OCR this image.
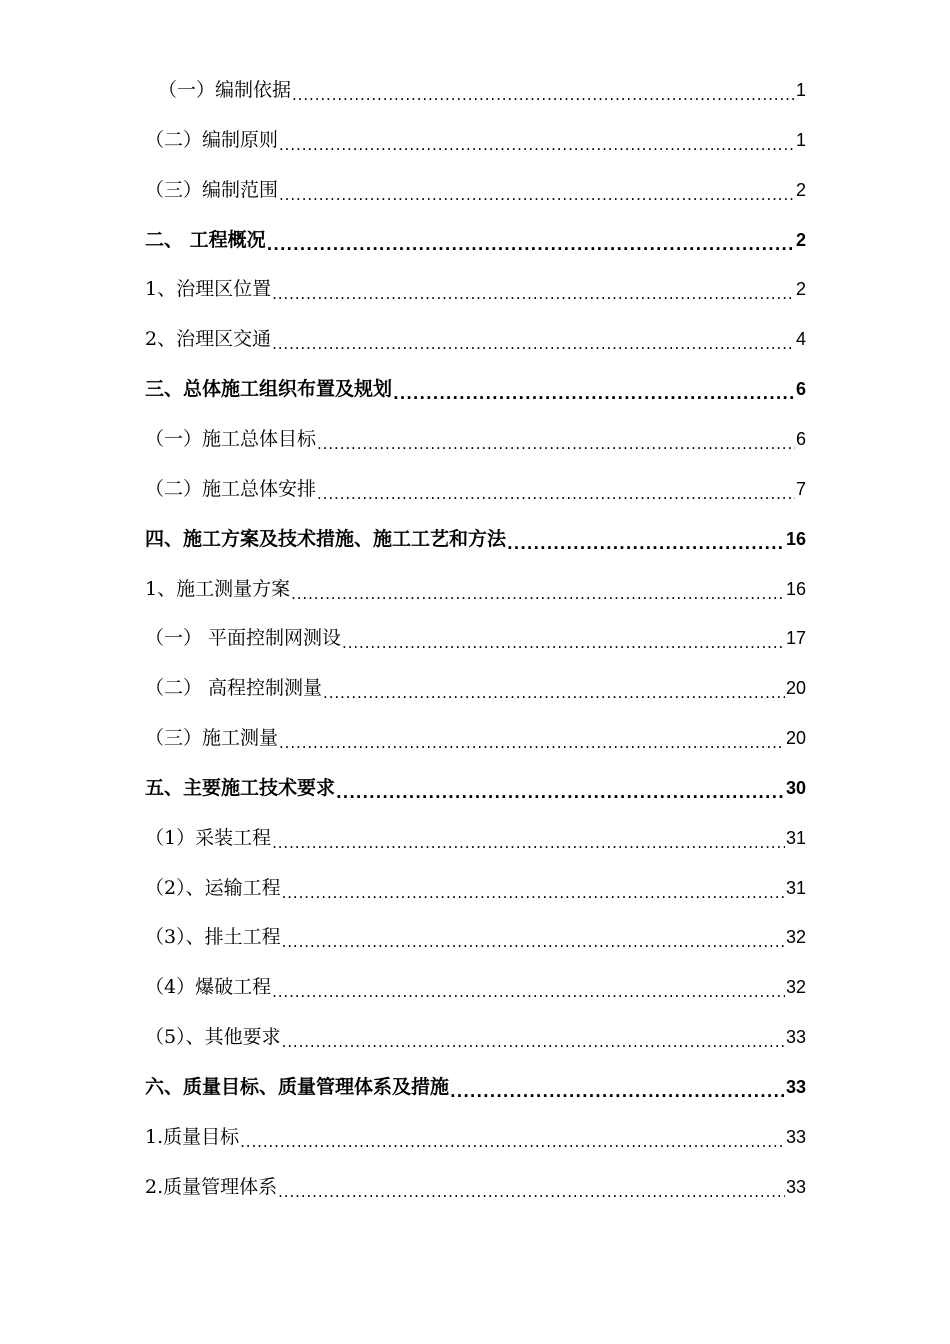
（一）编制依据 .....	1
（二）编制原则 .....	1
（三）编制范围 .....	2
二、 工程概况 .....	2
1、治理区位置 .....	2
2、治理区交通 .....	4
三、总体施工组织布置及规划 .....	6
（一）施工总体目标 .....	6
（二）施工总体安排 .....	7
四、施工方案及技术措施、施工工艺和方法 .....	16
1、施工测量方案 .....	16
（一） 平面控制网测设 .....	17
（二） 高程控制测量 .....	20
（三）施工测量 .....	20
五、主要施工技术要求 .....	30
（1）采装工程 .....	31
（2）、运输工程 .....	31
（3）、排土工程 .....	32
（4）爆破工程 .....	32
（5）、其他要求 .....	33
六、质量目标、质量管理体系及措施 .....	33
1.质量目标 .....	33
2.质量管理体系 .....	33
